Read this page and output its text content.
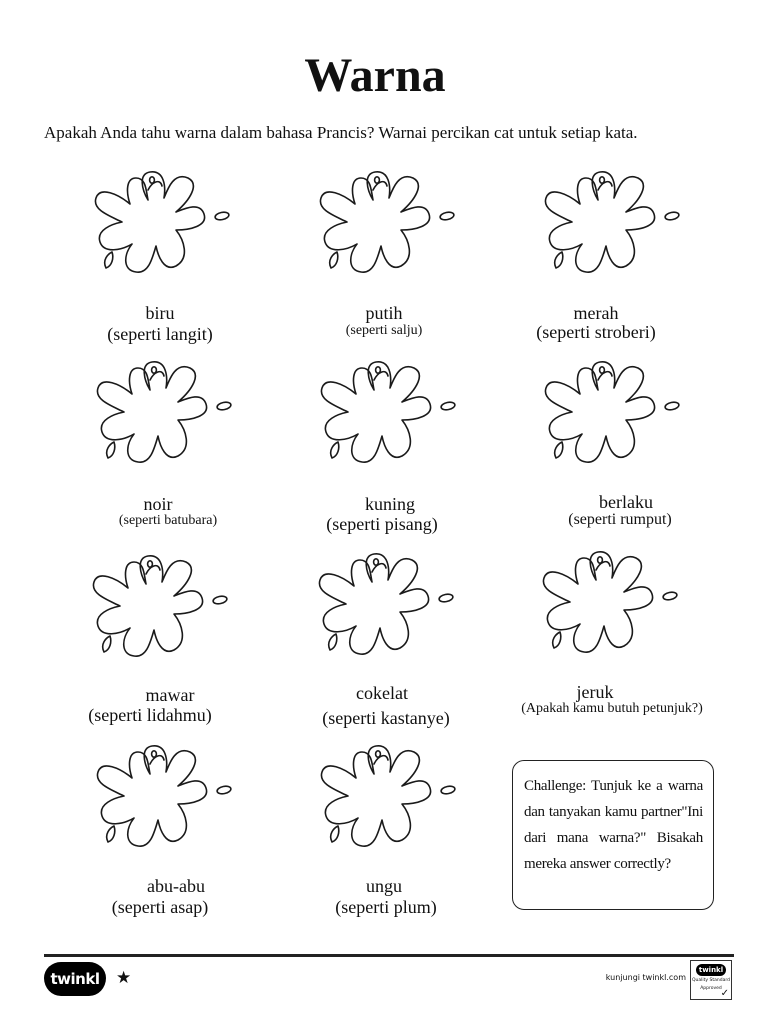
Warna
Apakah Anda tahu warna dalam bahasa Prancis? Warnai percikan cat untuk setiap kata.
biru
(seperti langit)
putih
(seperti salju)
merah
(seperti stroberi)
noir
(seperti batubara)
kuning
(seperti pisang)
berlaku
(seperti rumput)
mawar
(seperti lidahmu)
cokelat
(seperti kastanye)
jeruk
(Apakah kamu butuh petunjuk?)
abu-abu
(seperti asap)
ungu
(seperti plum)
Challenge: Tunjuk ke a warna dan tanyakan kamu partner"Ini dari mana warna?" Bisakah mereka answer correctly?
twinkl ★	kunjungi twinkl.com
twinkl
Quality Standard
Approved
✓
